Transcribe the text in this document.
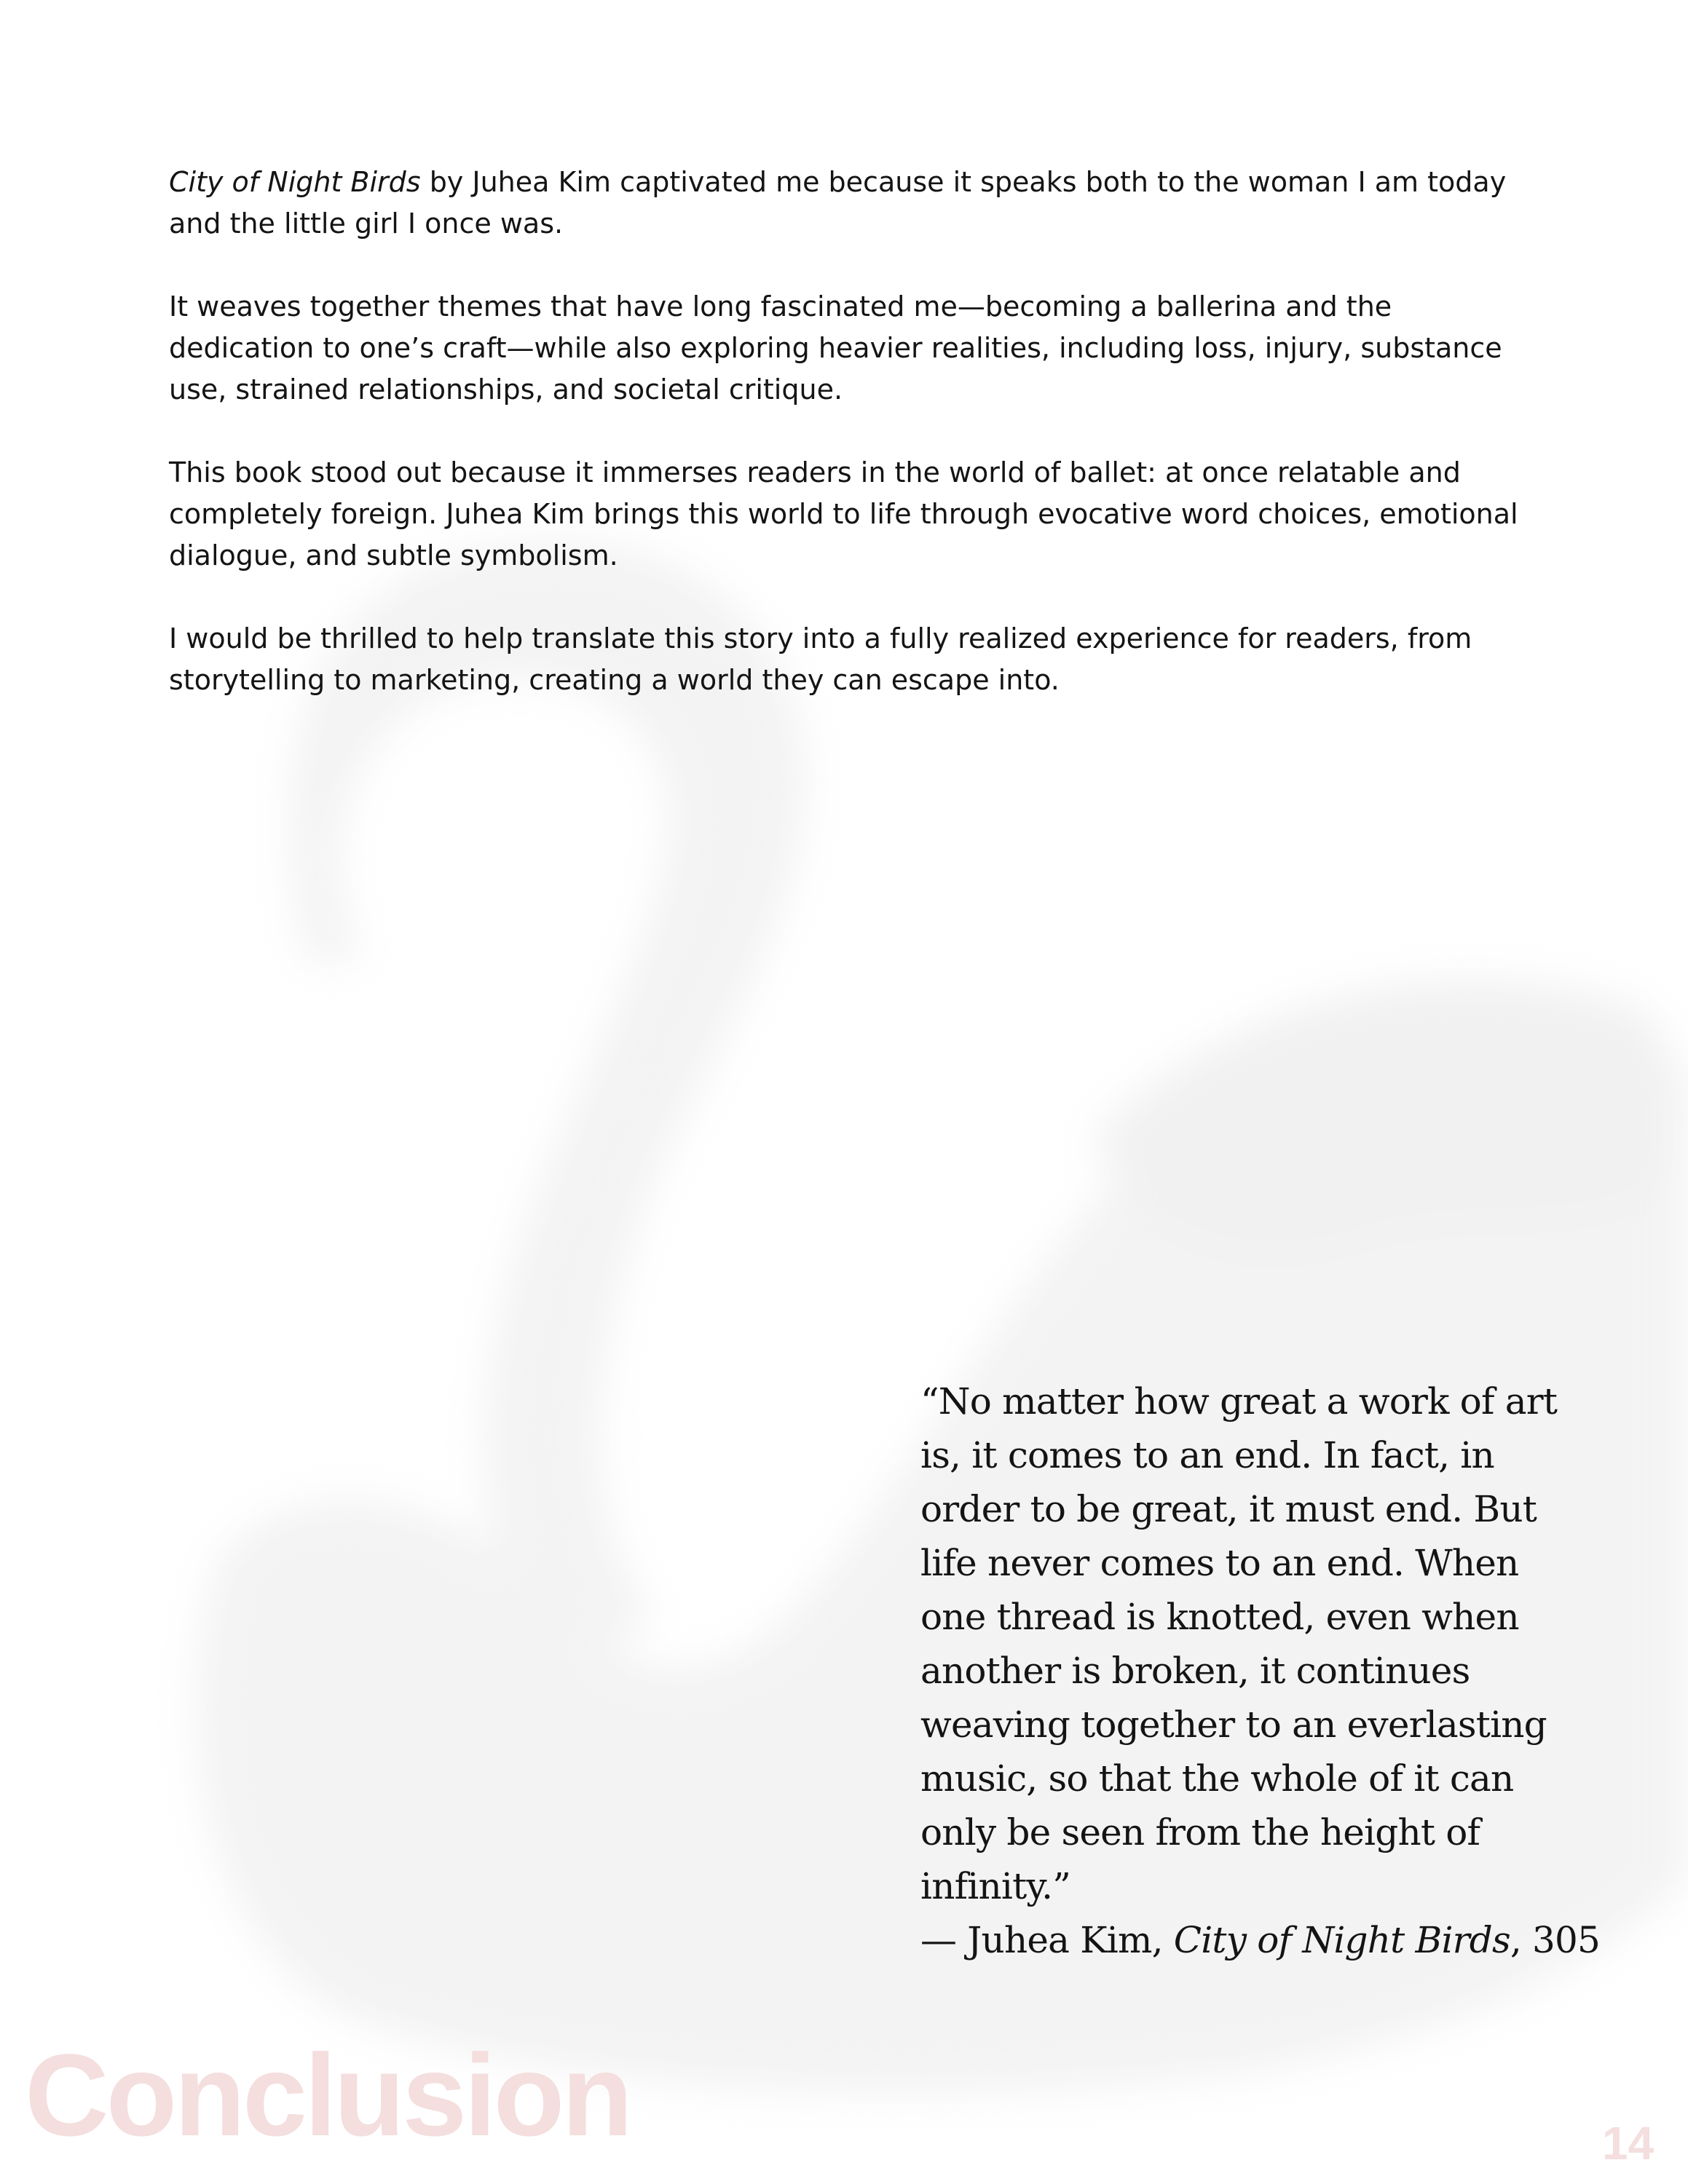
City of Night Birds by Juhea Kim captivated me because it speaks both to the woman I am today and the little girl I once was.

It weaves together themes that have long fascinated me—becoming a ballerina and the dedication to one’s craft—while also exploring heavier realities, including loss, injury, substance use, strained relationships, and societal critique.

This book stood out because it immerses readers in the world of ballet: at once relatable and completely foreign. Juhea Kim brings this world to life through evocative word choices, emotional dialogue, and subtle symbolism.

I would be thrilled to help translate this story into a fully realized experience for readers, from storytelling to marketing, creating a world they can escape into.

“No matter how great a work of art is, it comes to an end. In fact, in order to be great, it must end. But life never comes to an end. When one thread is knotted, even when another is broken, it continues weaving together to an everlasting music, so that the whole of it can only be seen from the height of infinity.”

— Juhea Kim, City of Night Birds, 305

Conclusion	14
